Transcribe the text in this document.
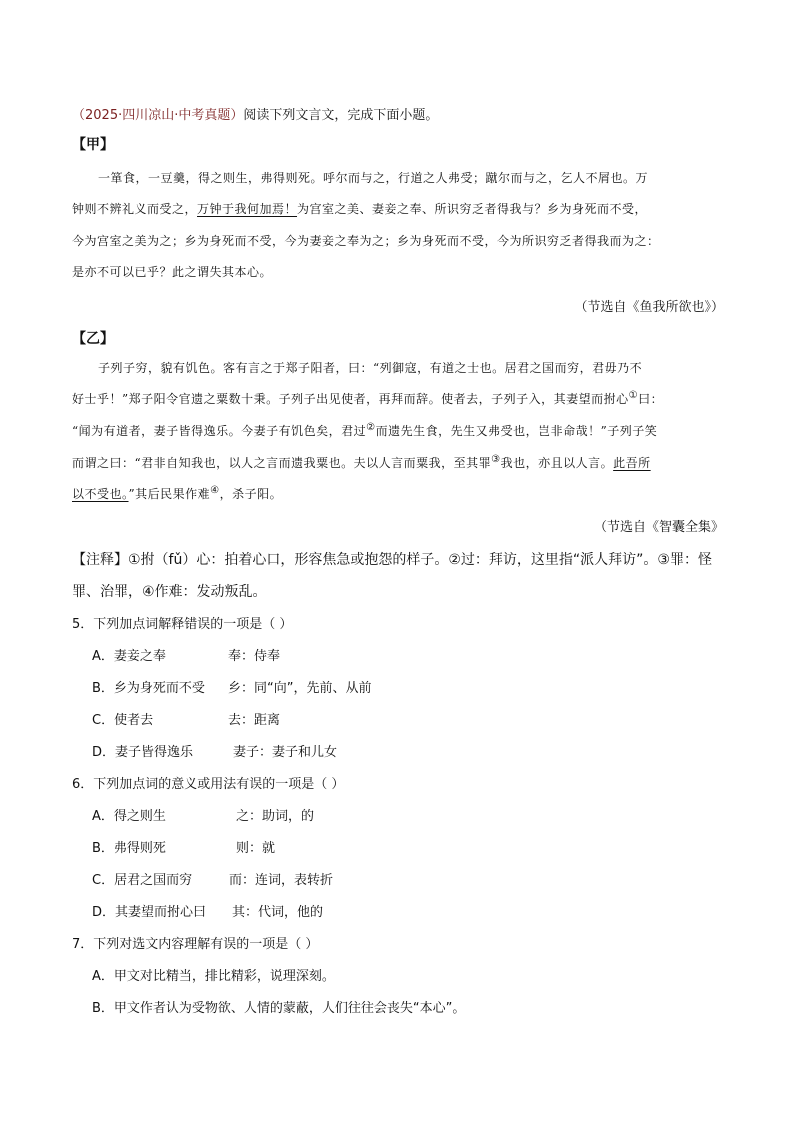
（2025·四川凉山·中考真题）阅读下列文言文，完成下面小题。
【甲】
一箪食，一豆羹，得之则生，弗得则死。呼尔而与之，行道之人弗受；蹴尔而与之，乞人不屑也。万
钟则不辨礼义而受之，万钟于我何加焉！为宫室之美、妻妾之奉、所识穷乏者得我与？乡为身死而不受，
今为宫室之美为之；乡为身死而不受，今为妻妾之奉为之；乡为身死而不受，今为所识穷乏者得我而为之：
是亦不可以已乎？此之谓失其本心。
（节选自《鱼我所欲也》）
【乙】
子列子穷，貌有饥色。客有言之于郑子阳者，曰：“列御寇，有道之士也。居君之国而穷，君毋乃不
好士乎！”郑子阳令官遗之粟数十秉。子列子出见使者，再拜而辞。使者去，子列子入，其妻望而拊心①曰：
“闻为有道者，妻子皆得逸乐。今妻子有饥色矣，君过②而遗先生食，先生又弗受也，岂非命哉！”子列子笑
而谓之曰：“君非自知我也，以人之言而遗我粟也。夫以人言而粟我，至其罪③我也，亦且以人言。此吾所
以不受也。”其后民果作难④，杀子阳。
（节选自《智囊全集》
【注释】①拊（fǔ）心：拍着心口，形容焦急或抱怨的样子。②过：拜访，这里指“派人拜访”。③罪：怪
罪、治罪，④作难：发动叛乱。
5．下列加点词解释错误的一项是（ ）
A．妻妾之奉	奉：侍奉
B．乡为身死而不受 乡：同“向”，先前、从前
C．使者去	去：距离
D．妻子皆得逸乐	妻子：妻子和儿女
6．下列加点词的意义或用法有误的一项是（ ）
A．得之则生	之：助词，的
B．弗得则死	则：就
C．居君之国而穷	而：连词，表转折
D．其妻望而拊心曰 其：代词，他的
7．下列对选文内容理解有误的一项是（ ）
A．甲文对比精当，排比精彩，说理深刻。
B．甲文作者认为受物欲、人情的蒙蔽，人们往往会丧失“本心”。
